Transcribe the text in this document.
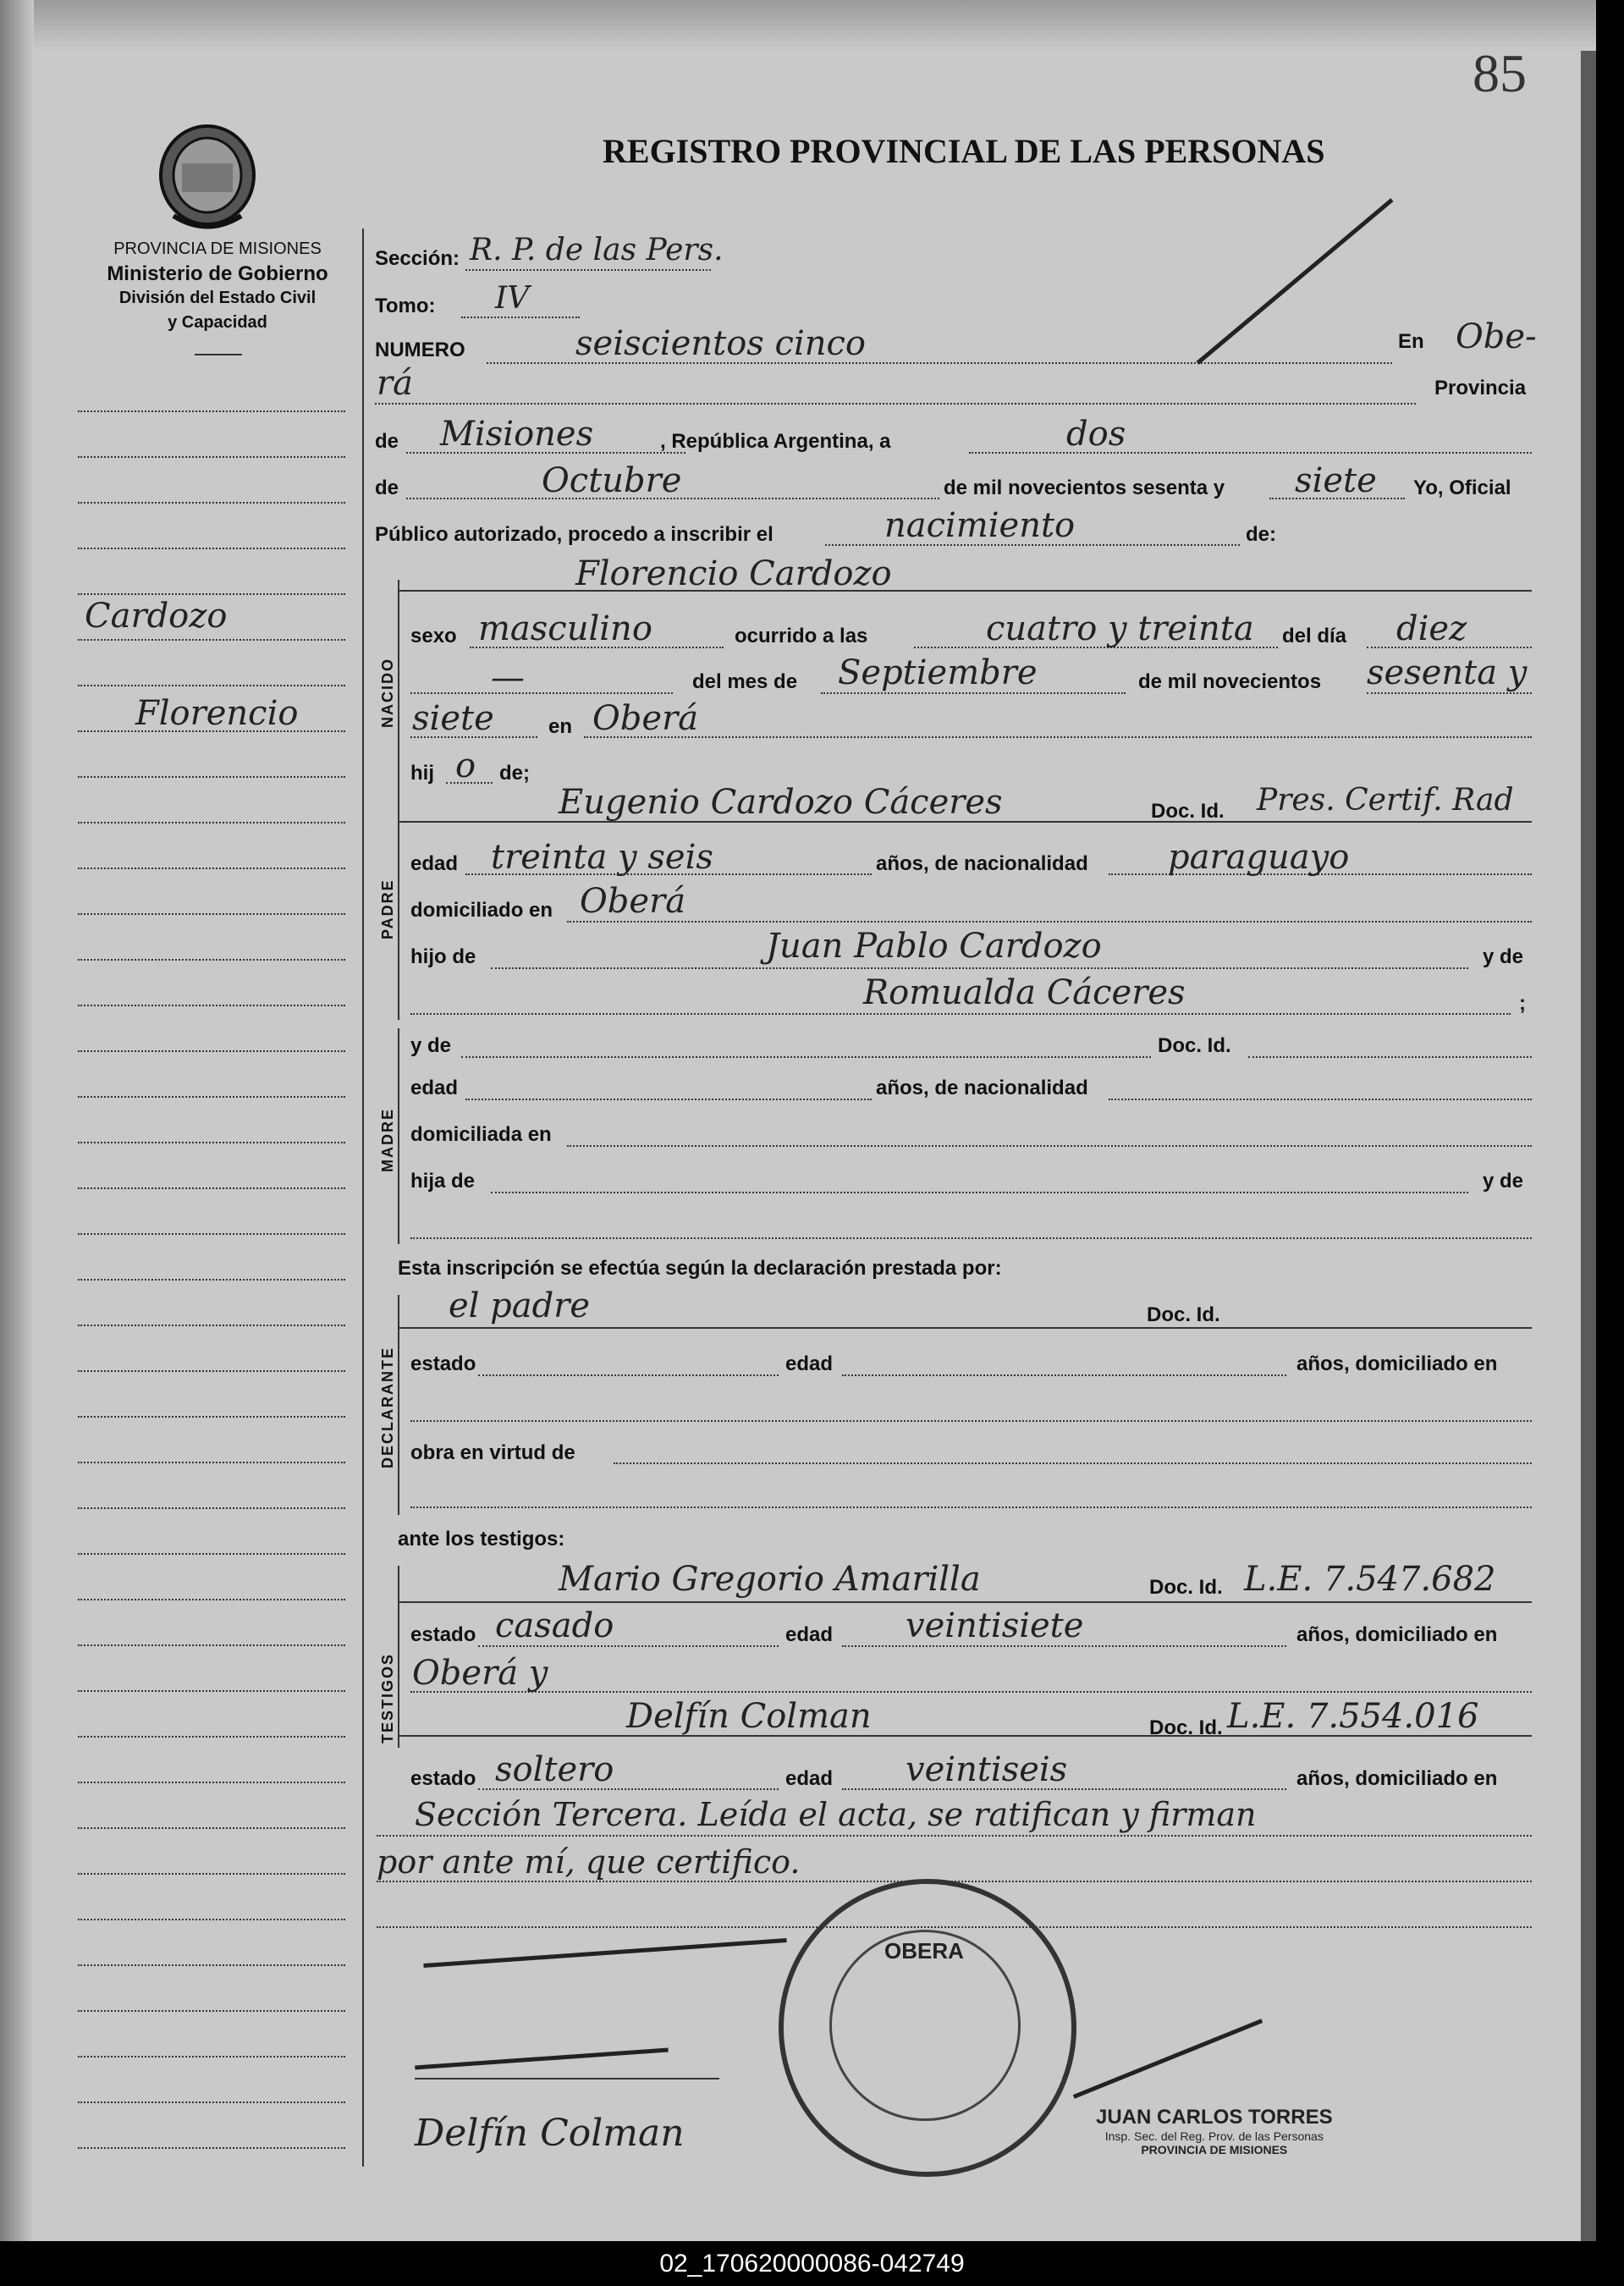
85
REGISTRO PROVINCIAL DE LAS PERSONAS
PROVINCIA DE MISIONES
Ministerio de Gobierno
División del Estado Civil
y Capacidad
Cardozo
Florencio
Sección: R. P. de las Pers.
Tomo: IV
NUMERO	seiscientos cinco	En Obe-
rá	Provincia
de Misiones	, República Argentina, a	dos
de	Octubre	de mil novecientos sesenta y siete Yo, Oficial
Público autorizado, procedo a inscribir el	nacimiento	de:
NACIDO
Florencio Cardozo
sexo masculino	ocurrido a las	cuatro y treinta del día diez
—	del mes de Septiembre	de mil novecientos sesenta y
siete	en Oberá
hij o de;
PADRE
Eugenio Cardozo Cáceres	Doc. Id. Pres. Certif. Rad
edad treinta y seis	años, de nacionalidad paraguayo
domiciliado en Oberá
hijo de	Juan Pablo Cardozo	y de
Romualda Cáceres	;
MADRE
y de	Doc. Id.
edad	años, de nacionalidad
domiciliada en
hija de	y de
Esta inscripción se efectúa según la declaración prestada por:
DECLARANTE
el padre	Doc. Id.
estado	edad	años, domiciliado en
obra en virtud de
ante los testigos:
TESTIGOS
Mario Gregorio Amarilla	Doc. Id. L.E. 7.547.682
estado casado	edad veintisiete	años, domiciliado en
Oberá y
Delfín Colman	Doc. Id. L.E. 7.554.016
estado soltero	edad veintiseis	años, domiciliado en
Sección Tercera. Leída el acta, se ratifican y firman
por ante mí, que certifico.
Delfín Colman
OBERA
JUAN CARLOS TORRES
Insp. Sec. del Reg. Prov. de las Personas
PROVINCIA DE MISIONES
02_170620000086-042749
